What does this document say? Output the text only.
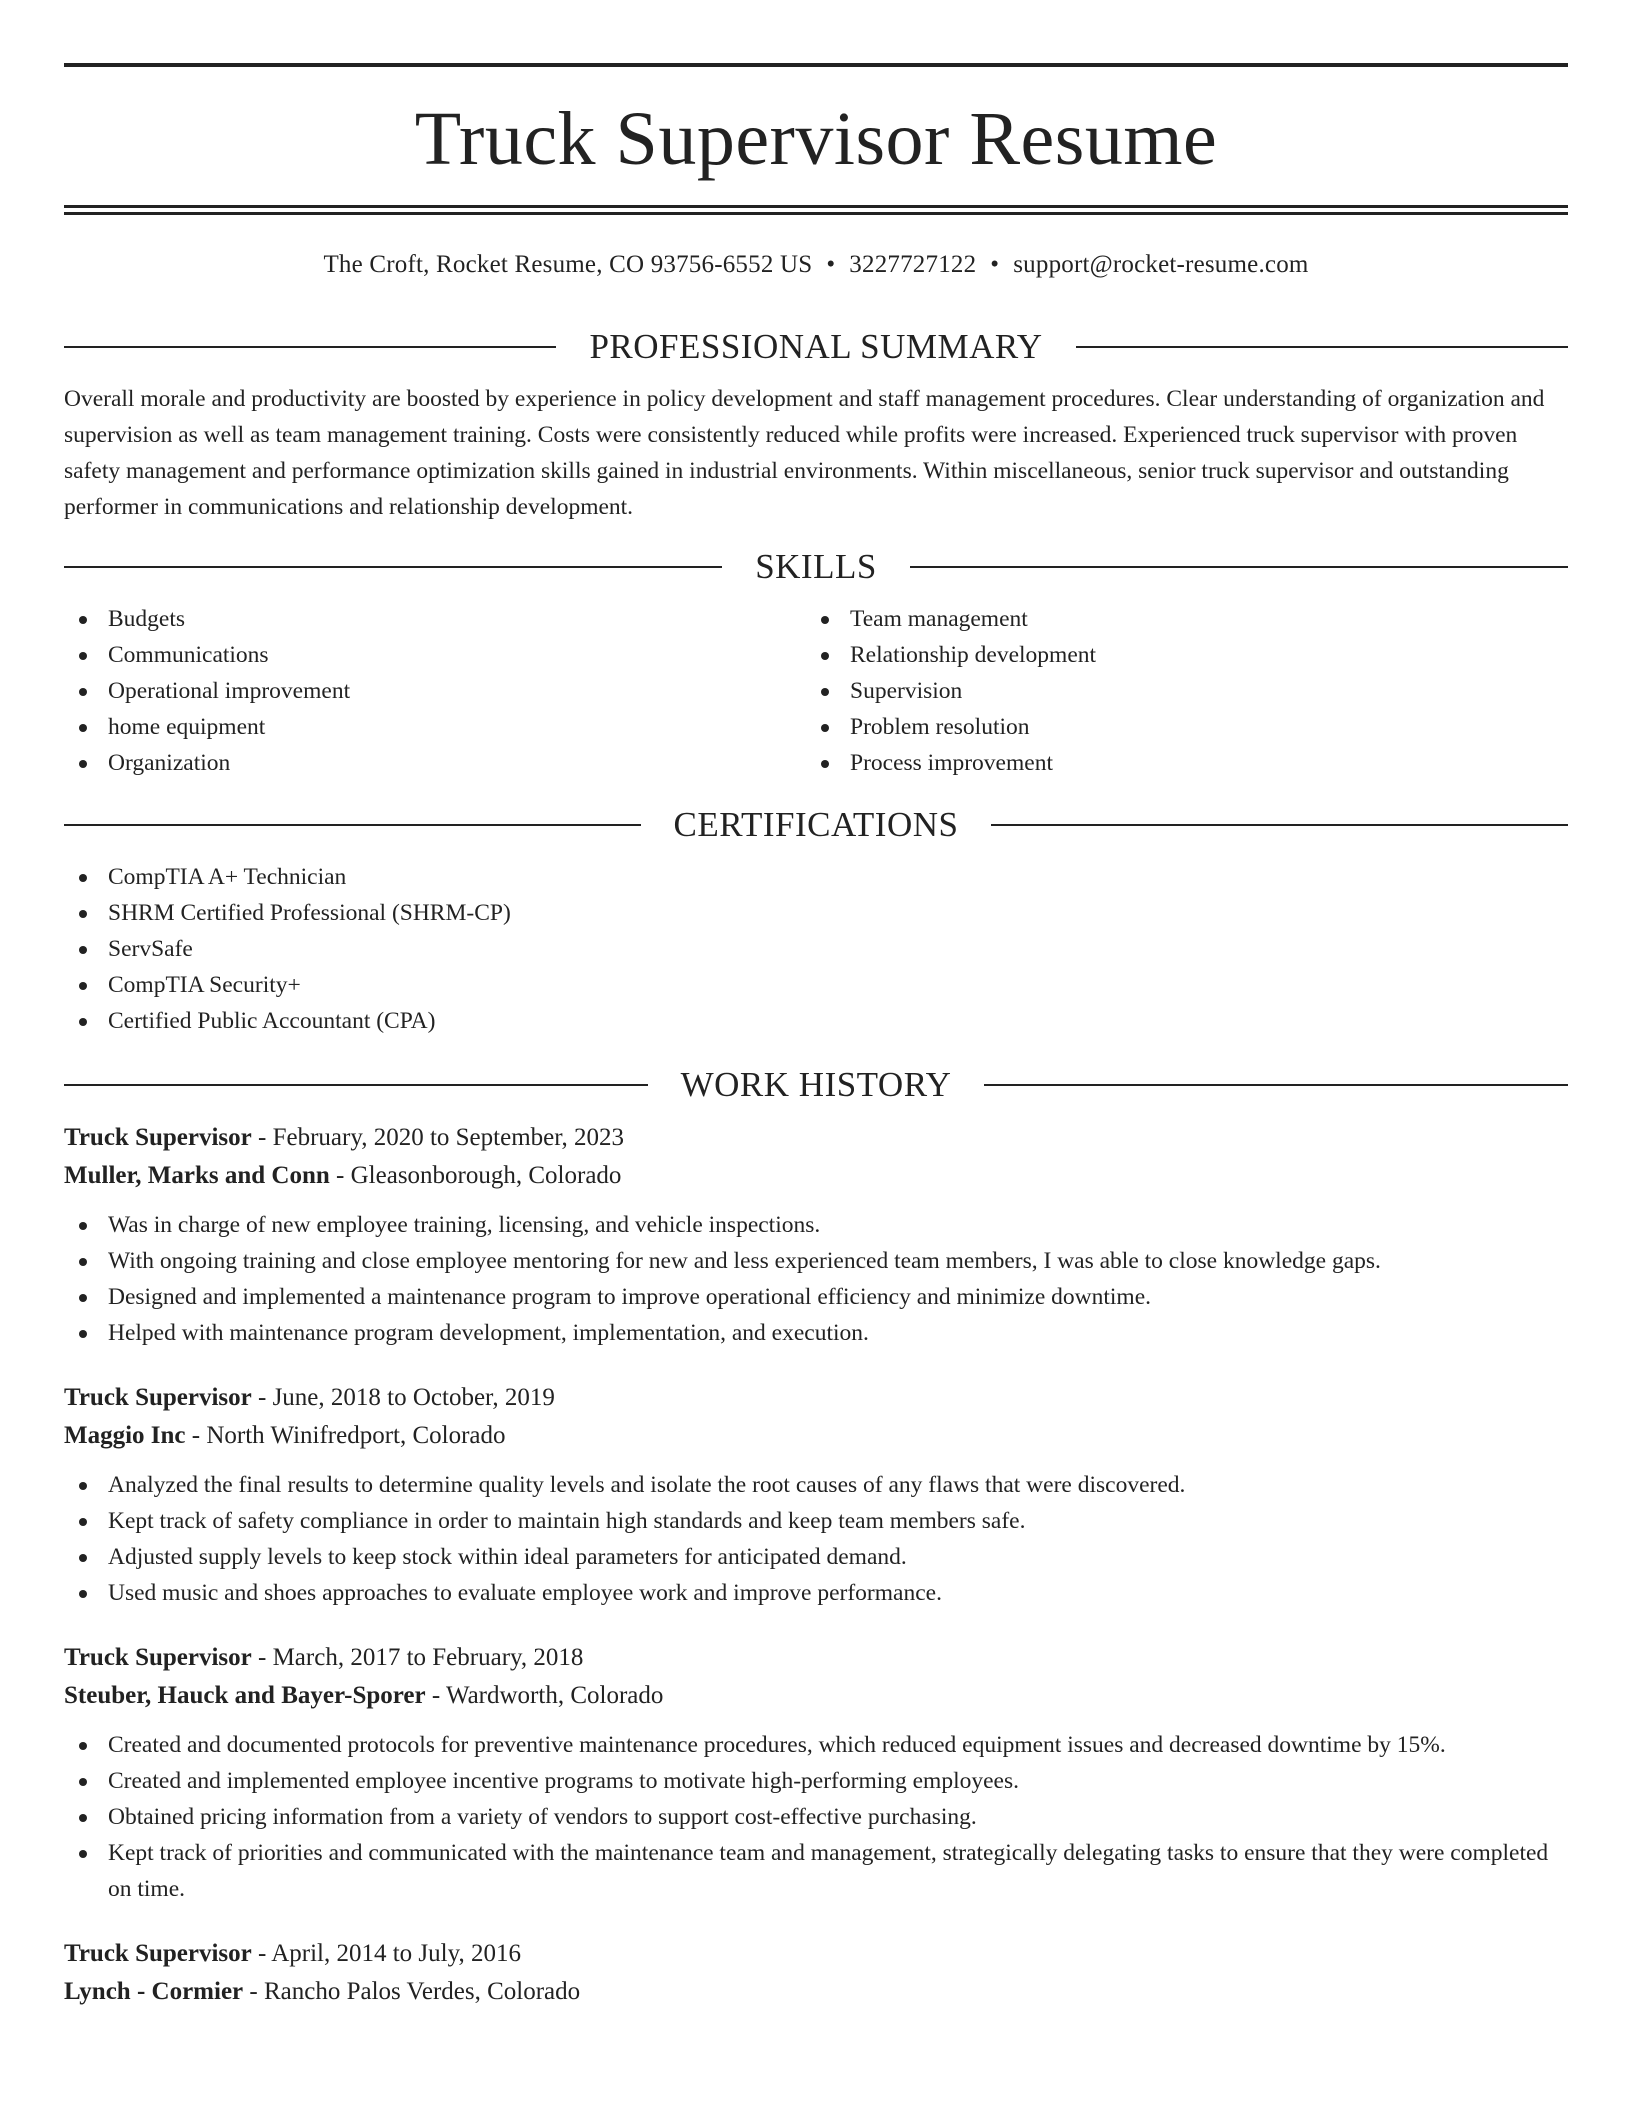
Truck Supervisor Resume
The Croft, Rocket Resume, CO 93756-6552 US • 3227727122 • support@rocket-resume.com
PROFESSIONAL SUMMARY

Overall morale and productivity are boosted by experience in policy development and staff management procedures. Clear understanding of organization and supervision as well as team management training. Costs were consistently reduced while profits were increased. Experienced truck supervisor with proven safety management and performance optimization skills gained in industrial environments. Within miscellaneous, senior truck supervisor and outstanding performer in communications and relationship development.

SKILLS
Budgets
Communications
Operational improvement
home equipment
Organization
Team management
Relationship development
Supervision
Problem resolution
Process improvement
CERTIFICATIONS
CompTIA A+ Technician
SHRM Certified Professional (SHRM-CP)
ServSafe
CompTIA Security+
Certified Public Accountant (CPA)
WORK HISTORY
Truck Supervisor - February, 2020 to September, 2023
Muller, Marks and Conn - Gleasonborough, Colorado
Was in charge of new employee training, licensing, and vehicle inspections.
With ongoing training and close employee mentoring for new and less experienced team members, I was able to close knowledge gaps.
Designed and implemented a maintenance program to improve operational efficiency and minimize downtime.
Helped with maintenance program development, implementation, and execution.
Truck Supervisor - June, 2018 to October, 2019
Maggio Inc - North Winifredport, Colorado
Analyzed the final results to determine quality levels and isolate the root causes of any flaws that were discovered.
Kept track of safety compliance in order to maintain high standards and keep team members safe.
Adjusted supply levels to keep stock within ideal parameters for anticipated demand.
Used music and shoes approaches to evaluate employee work and improve performance.
Truck Supervisor - March, 2017 to February, 2018
Steuber, Hauck and Bayer-Sporer - Wardworth, Colorado
Created and documented protocols for preventive maintenance procedures, which reduced equipment issues and decreased downtime by 15%.
Created and implemented employee incentive programs to motivate high-performing employees.
Obtained pricing information from a variety of vendors to support cost-effective purchasing.
Kept track of priorities and communicated with the maintenance team and management, strategically delegating tasks to ensure that they were completed on time.
Truck Supervisor - April, 2014 to July, 2016
Lynch - Cormier - Rancho Palos Verdes, Colorado
